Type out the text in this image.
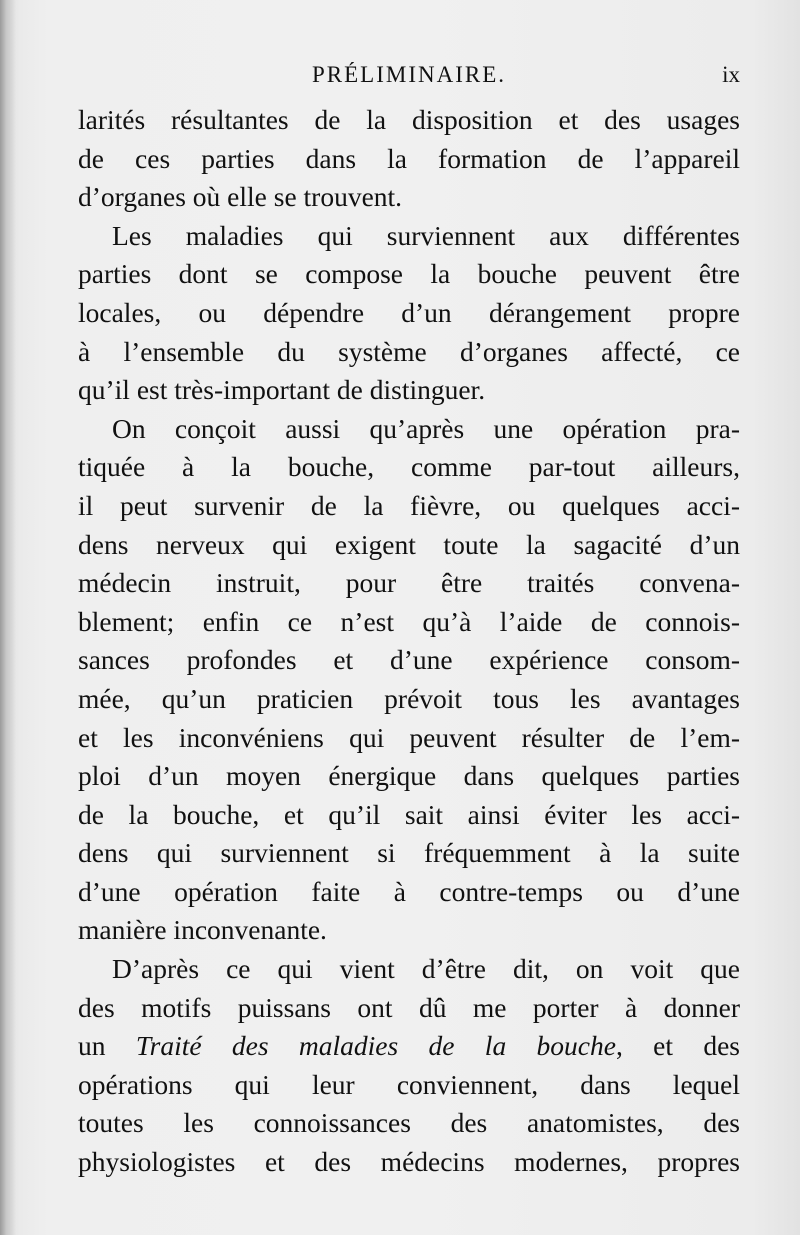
PRÉLIMINAIRE.	ix

larités résultantes de la disposition et des usages
de ces parties dans la formation de l’appareil
d’organes où elle se trouvent.

Les maladies qui surviennent aux différentes
parties dont se compose la bouche peuvent être
locales, ou dépendre d’un dérangement propre
à l’ensemble du système d’organes affecté, ce
qu’il est très-important de distinguer.

On conçoit aussi qu’après une opération pra-
tiquée à la bouche, comme par-tout ailleurs,
il peut survenir de la fièvre, ou quelques acci-
dens nerveux qui exigent toute la sagacité d’un
médecin instruit, pour être traités convena-
blement; enfin ce n’est qu’à l’aide de connois-
sances profondes et d’une expérience consom-
mée, qu’un praticien prévoit tous les avantages
et les inconvéniens qui peuvent résulter de l’em-
ploi d’un moyen énergique dans quelques parties
de la bouche, et qu’il sait ainsi éviter les acci-
dens qui surviennent si fréquemment à la suite
d’une opération faite à contre-temps ou d’une
manière inconvenante.

D’après ce qui vient d’être dit, on voit que
des motifs puissans ont dû me porter à donner
un Traité des maladies de la bouche, et des
opérations qui leur conviennent, dans lequel
toutes les connoissances des anatomistes, des
physiologistes et des médecins modernes, propres
